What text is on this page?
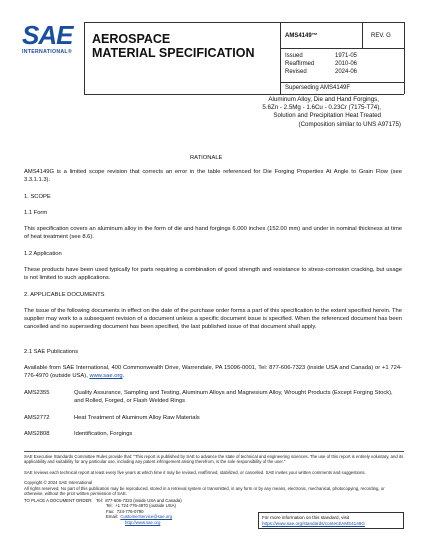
SAE
INTERNATIONAL®
AEROSPACE
MATERIAL SPECIFICATION
AMS4149™	REV. G
Issued	1971-05
Reaffirmed	2010-06
Revised	2024-06
Superseding AMS4149F
Aluminum Alloy, Die and Hand Forgings,
5.6Zn - 2.5Mg - 1.6Cu - 0.23Cr (7175-T74),
Solution and Precipitation Heat Treated
(Composition similar to UNS A97175)
RATIONALE
AMS4149G is a limited scope revision that corrects an error in the table referenced for Die Forging Properties At Angle to Grain Flow (see 3.3.1.1.3).
1. SCOPE
1.1 Form
This specification covers an aluminum alloy in the form of die and hand forgings 6.000 inches (152.00 mm) and under in nominal thickness at time of heat treatment (see 8.6).
1.2 Application
These products have been used typically for parts requiring a combination of good strength and resistance to stress-corrosion cracking, but usage is not limited to such applications.
2. APPLICABLE DOCUMENTS
The issue of the following documents in effect on the date of the purchase order forms a part of this specification to the extent specified herein. The supplier may work to a subsequent revision of a document unless a specific document issue is specified. When the referenced document has been cancelled and no superseding document has been specified, the last published issue of that document shall apply.
2.1 SAE Publications
Available from SAE International, 400 Commonwealth Drive, Warrendale, PA 15096-0001, Tel: 877-606-7323 (inside USA and Canada) or +1 724-776-4970 (outside USA), www.sae.org.
AMS2355	Quality Assurance, Sampling and Testing, Aluminum Alloys and Magnesium Alloy, Wrought Products (Except Forging Stock), and Rolled, Forged, or Flash Welded Rings
AMS2772	Heat Treatment of Aluminum Alloy Raw Materials
AMS2808	Identification, Forgings
SAE Executive Standards Committee Rules provide that: "This report is published by SAE to advance the state of technical and engineering sciences. The use of this report is entirely voluntary, and its applicability and suitability for any particular use, including any patent infringement arising therefrom, is the sole responsibility of the user."
SAE reviews each technical report at least every five years at which time it may be revised, reaffirmed, stabilized, or cancelled. SAE invites your written comments and suggestions.
Copyright © 2024 SAE International
All rights reserved. No part of this publication may be reproduced, stored in a retrieval system or transmitted, in any form or by any means, electronic, mechanical, photocopying, recording, or otherwise, without the prior written permission of SAE.
TO PLACE A DOCUMENT ORDER: Tel: 877-606-7323 (inside USA and Canada)
Tel: +1 724-776-4970 (outside USA)
Fax: 724-776-0790
Email: CustomerService@sae.org
http://www.sae.org
For more information on this standard, visit
https://www.sae.org/standards/content/AMS4149G
